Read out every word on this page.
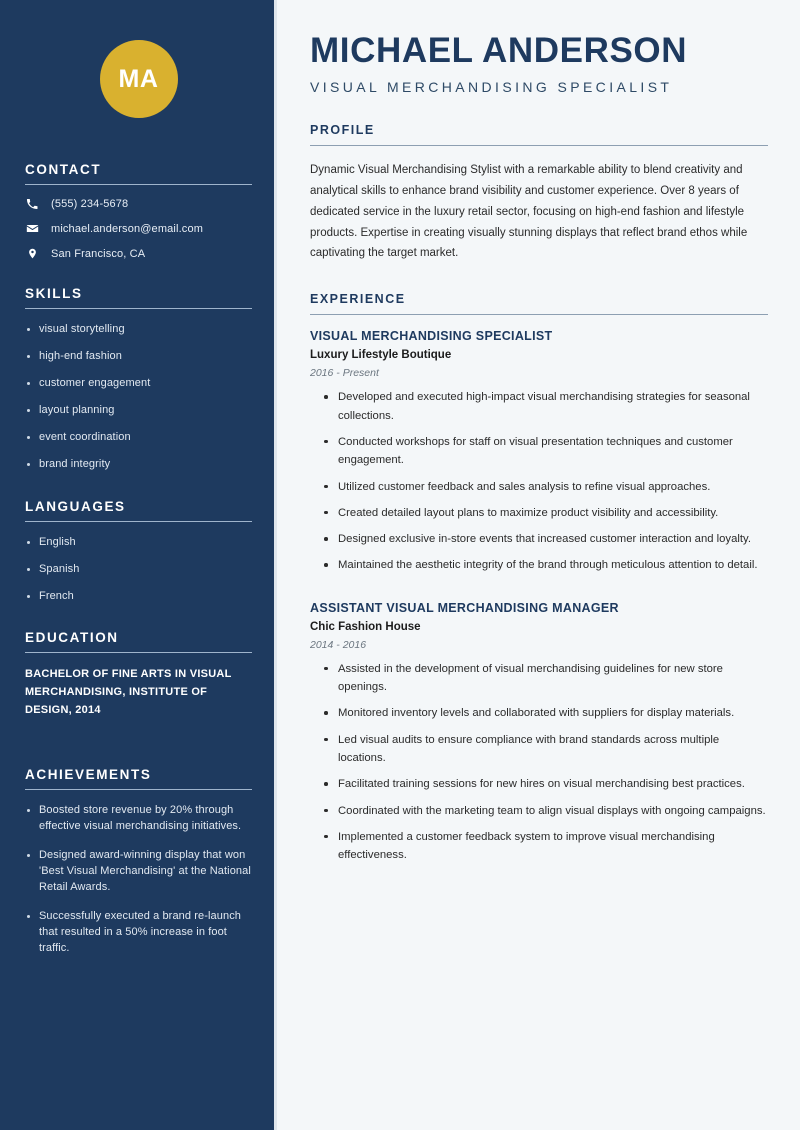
MA
CONTACT
(555) 234-5678
michael.anderson@email.com
San Francisco, CA
SKILLS
visual storytelling
high-end fashion
customer engagement
layout planning
event coordination
brand integrity
LANGUAGES
English
Spanish
French
EDUCATION
BACHELOR OF FINE ARTS IN VISUAL MERCHANDISING, INSTITUTE OF DESIGN, 2014
ACHIEVEMENTS
Boosted store revenue by 20% through effective visual merchandising initiatives.
Designed award-winning display that won 'Best Visual Merchandising' at the National Retail Awards.
Successfully executed a brand re-launch that resulted in a 50% increase in foot traffic.
MICHAEL ANDERSON
VISUAL MERCHANDISING SPECIALIST
PROFILE

Dynamic Visual Merchandising Stylist with a remarkable ability to blend creativity and analytical skills to enhance brand visibility and customer experience. Over 8 years of dedicated service in the luxury retail sector, focusing on high-end fashion and lifestyle products. Expertise in creating visually stunning displays that reflect brand ethos while captivating the target market.

EXPERIENCE
VISUAL MERCHANDISING SPECIALIST
Luxury Lifestyle Boutique
2016 - Present
Developed and executed high-impact visual merchandising strategies for seasonal collections.
Conducted workshops for staff on visual presentation techniques and customer engagement.
Utilized customer feedback and sales analysis to refine visual approaches.
Created detailed layout plans to maximize product visibility and accessibility.
Designed exclusive in-store events that increased customer interaction and loyalty.
Maintained the aesthetic integrity of the brand through meticulous attention to detail.
ASSISTANT VISUAL MERCHANDISING MANAGER
Chic Fashion House
2014 - 2016
Assisted in the development of visual merchandising guidelines for new store openings.
Monitored inventory levels and collaborated with suppliers for display materials.
Led visual audits to ensure compliance with brand standards across multiple locations.
Facilitated training sessions for new hires on visual merchandising best practices.
Coordinated with the marketing team to align visual displays with ongoing campaigns.
Implemented a customer feedback system to improve visual merchandising effectiveness.
